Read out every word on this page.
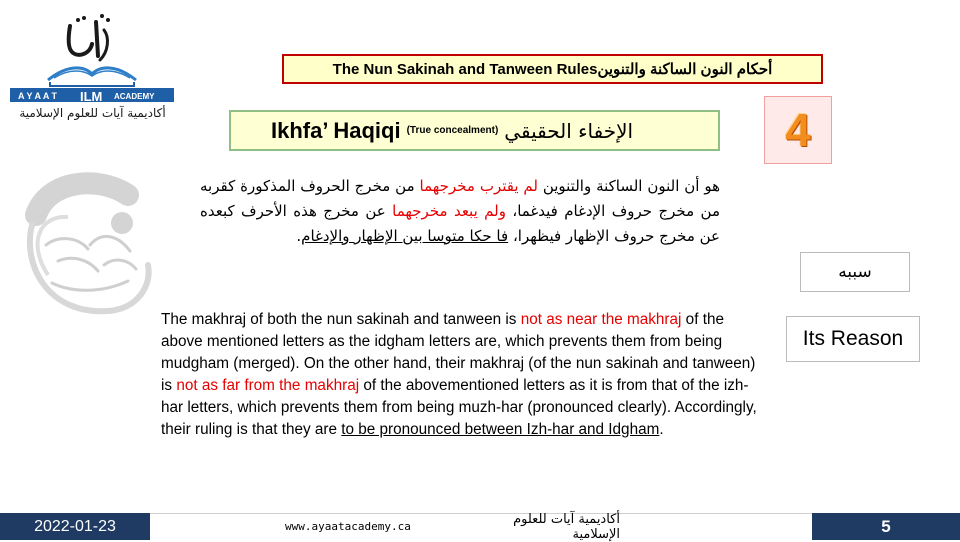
A Y A A T ILM ACADEMY
أكاديمية آيات للعلوم الإسلامية
The Nun Sakinah and Tanween Rules أحكام النون الساكنة والتنوين
Ikhfa’ Haqiqi (True concealment) الإخفاء الحقيقي	4
هو أن النون الساكنة والتنوين لم يقترب مخرجهما من مخرج الحروف المذكورة كقربه من مخرج حروف الإدغام فيدغما، ولم يبعد مخرجهما عن مخرج هذه الأحرف كبعده عن مخرج حروف الإظهار فيظهرا، فا حكا متوسا بين الإظهار والإدغام.
سببه
Its Reason
The makhraj of both the nun sakinah and tanween is not as near the makhraj of the above mentioned letters as the idgham letters are, which prevents them from being mudgham (merged). On the other hand, their makhraj (of the nun sakinah and tanween) is not as far from the makhraj of the abovementioned letters as it is from that of the izh-har letters, which prevents them from being muzh-har (pronounced clearly). Accordingly, their ruling is that they are to be pronounced between Izh-har and Idgham.
2022-01-23	www.ayaatacademy.ca	أكاديمية آيات للعلوم الإسلامية	5
